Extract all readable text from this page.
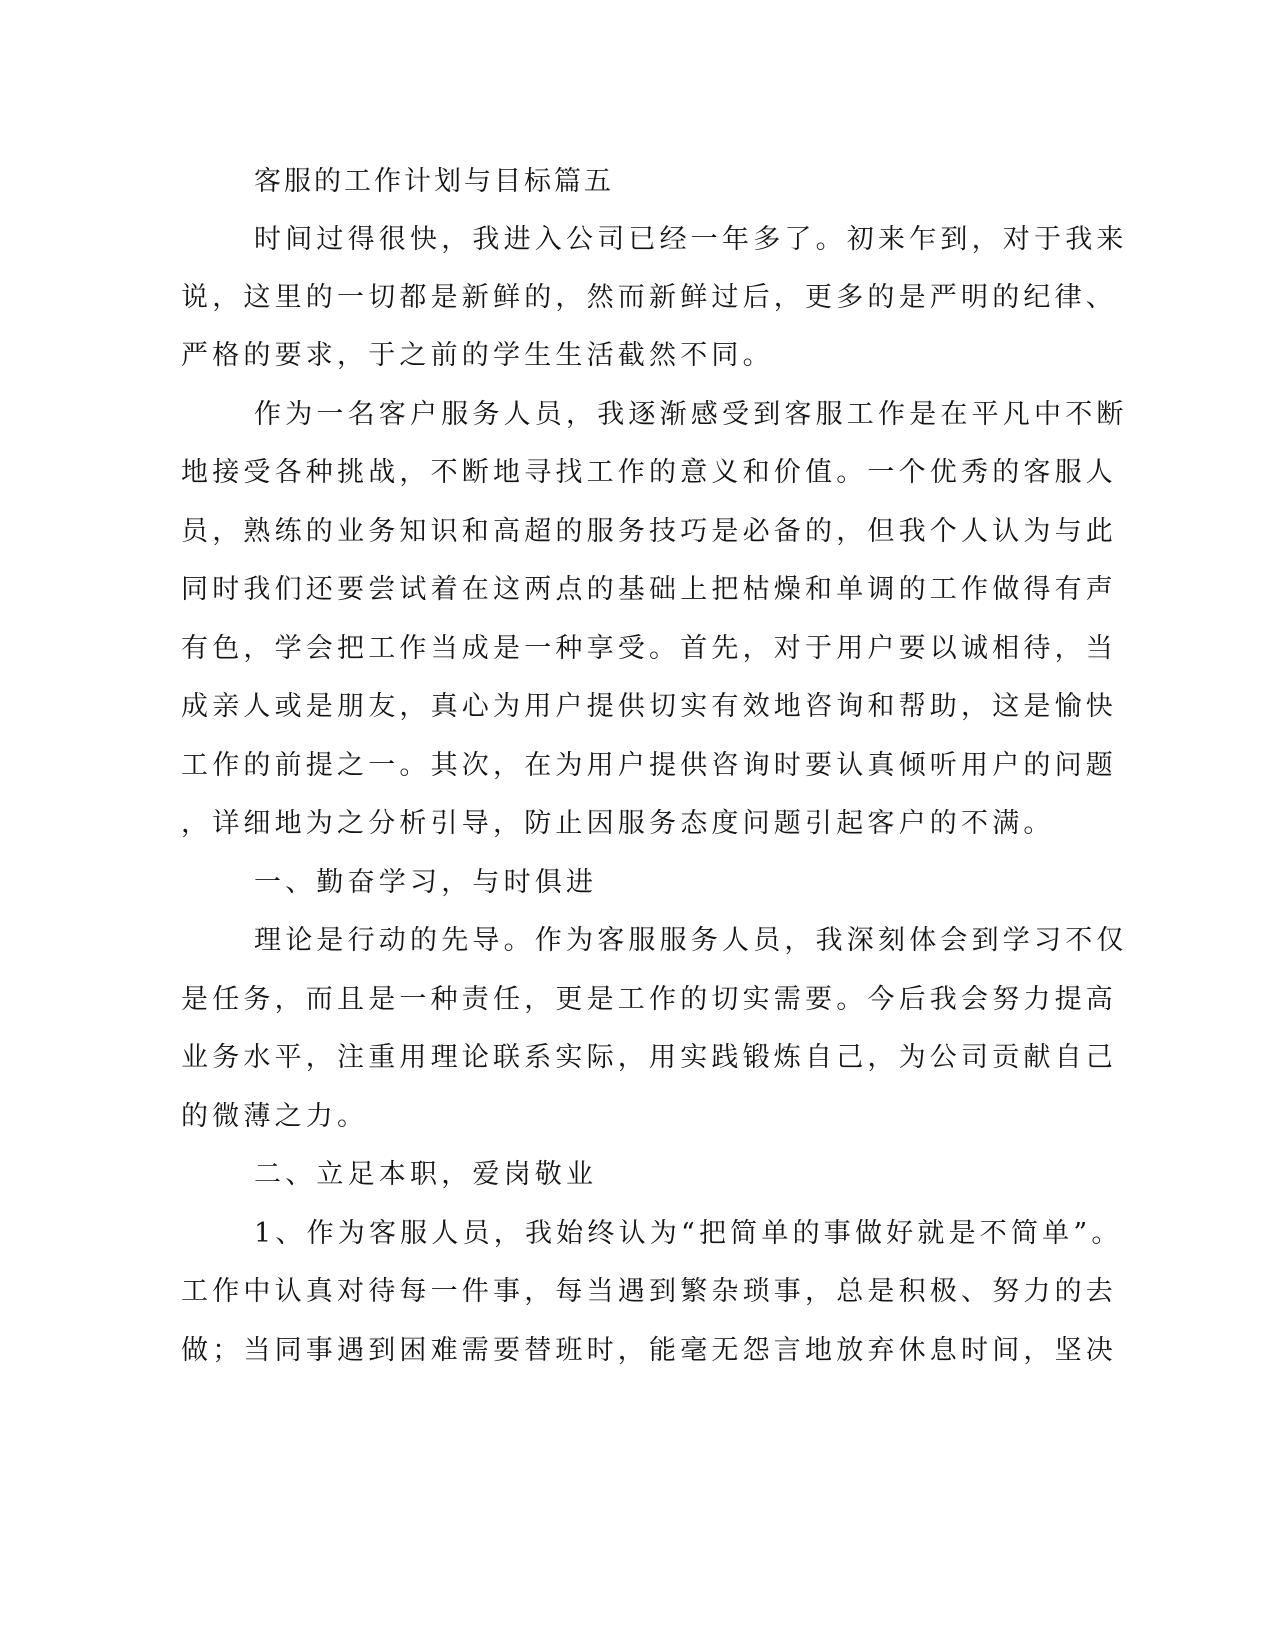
客服的工作计划与目标篇五

时间过得很快，我进入公司已经一年多了。初来乍到，对于我来

说，这里的一切都是新鲜的，然而新鲜过后，更多的是严明的纪律、

严格的要求，于之前的学生生活截然不同。

作为一名客户服务人员，我逐渐感受到客服工作是在平凡中不断

地接受各种挑战，不断地寻找工作的意义和价值。一个优秀的客服人

员，熟练的业务知识和高超的服务技巧是必备的，但我个人认为与此

同时我们还要尝试着在这两点的基础上把枯燥和单调的工作做得有声

有色，学会把工作当成是一种享受。首先，对于用户要以诚相待，当

成亲人或是朋友，真心为用户提供切实有效地咨询和帮助，这是愉快

工作的前提之一。其次，在为用户提供咨询时要认真倾听用户的问题

，详细地为之分析引导，防止因服务态度问题引起客户的不满。

一、勤奋学习，与时俱进

理论是行动的先导。作为客服服务人员，我深刻体会到学习不仅

是任务，而且是一种责任，更是工作的切实需要。今后我会努力提高

业务水平，注重用理论联系实际，用实践锻炼自己，为公司贡献自己

的微薄之力。

二、立足本职，爱岗敬业

1、作为客服人员，我始终认为“把简单的事做好就是不简单”。

工作中认真对待每一件事，每当遇到繁杂琐事，总是积极、努力的去

做；当同事遇到困难需要替班时，能毫无怨言地放弃休息时间，坚决
